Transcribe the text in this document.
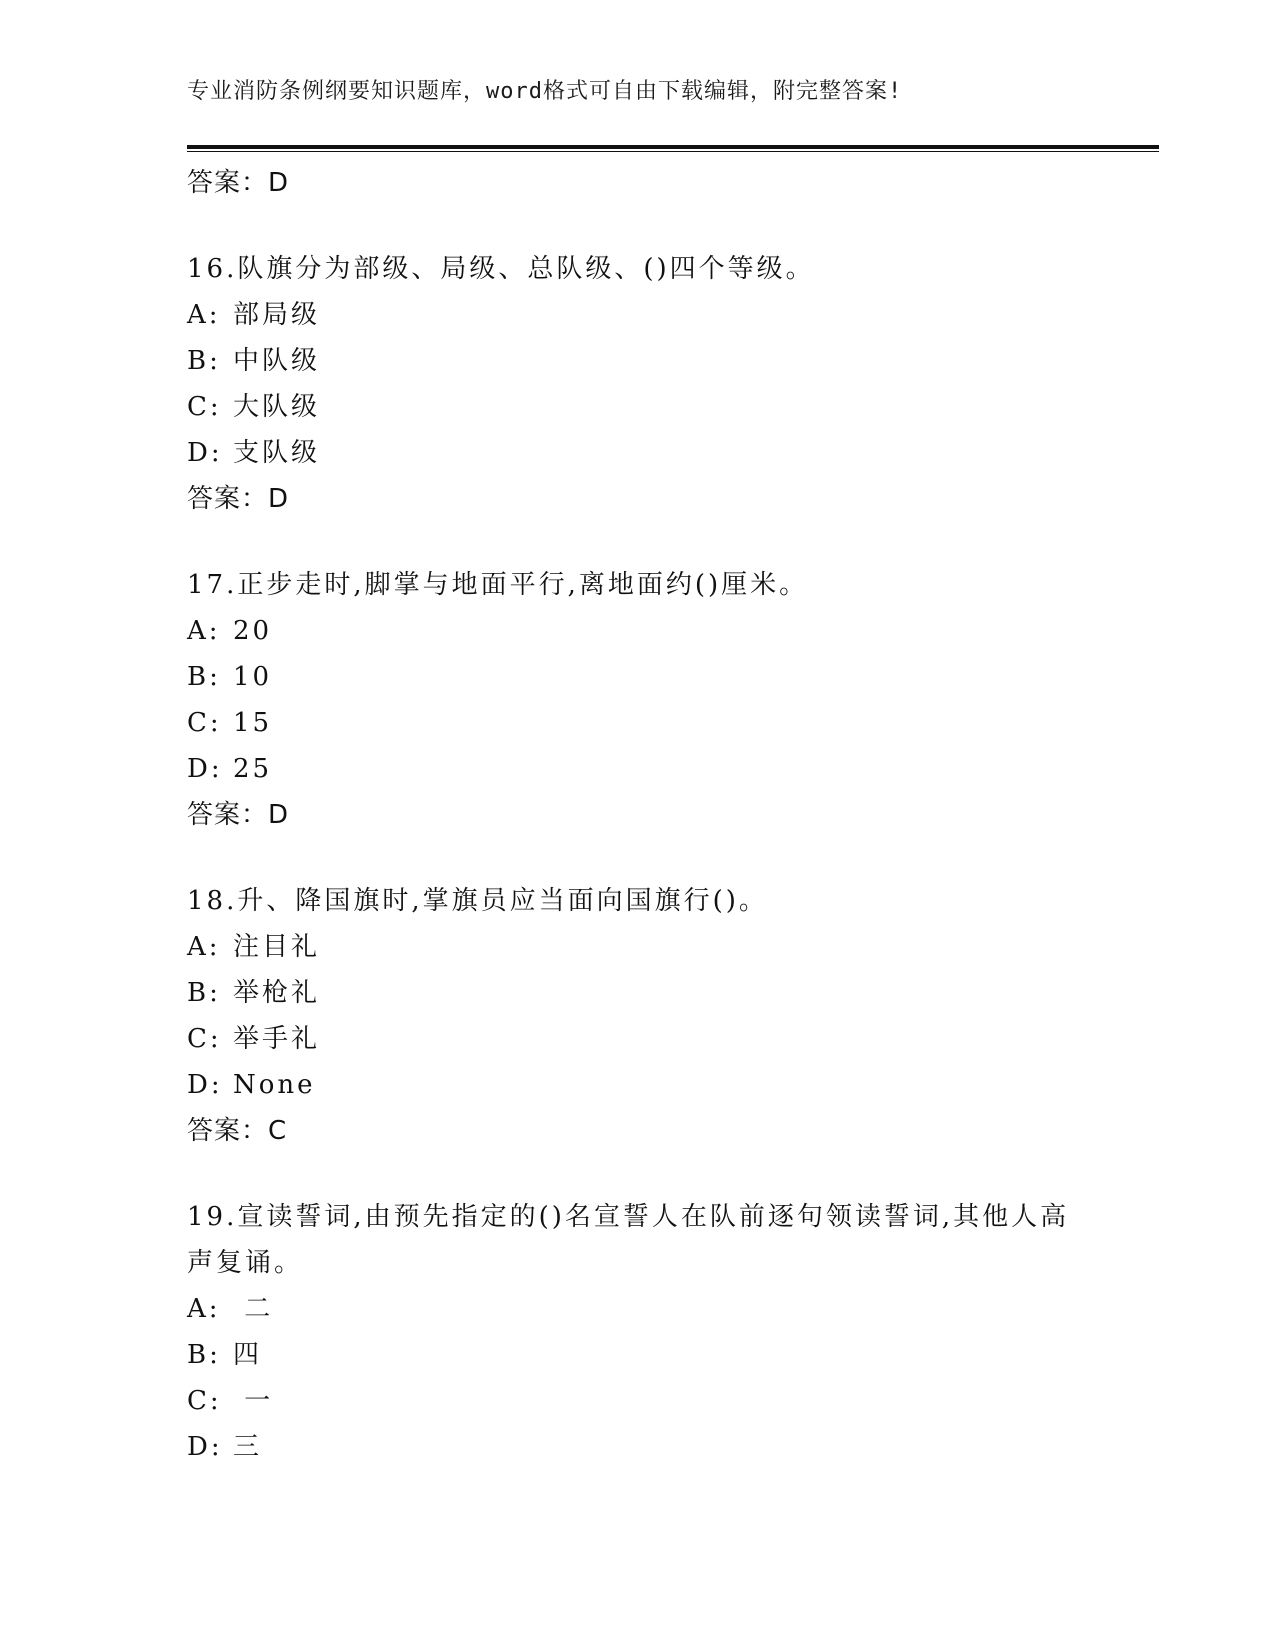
专业消防条例纲要知识题库，word格式可自由下载编辑，附完整答案!
答案：D
16.队旗分为部级、局级、总队级、()四个等级。
A: 部局级
B: 中队级
C: 大队级
D: 支队级
答案：D
17.正步走时,脚掌与地面平行,离地面约()厘米。
A: 20
B: 10
C: 15
D: 25
答案：D
18.升、降国旗时,掌旗员应当面向国旗行()。
A: 注目礼
B: 举枪礼
C: 举手礼
D: None
答案：C
19.宣读誓词,由预先指定的()名宣誓人在队前逐句领读誓词,其他人高声复诵。
A: 二
B: 四
C: 一
D: 三
